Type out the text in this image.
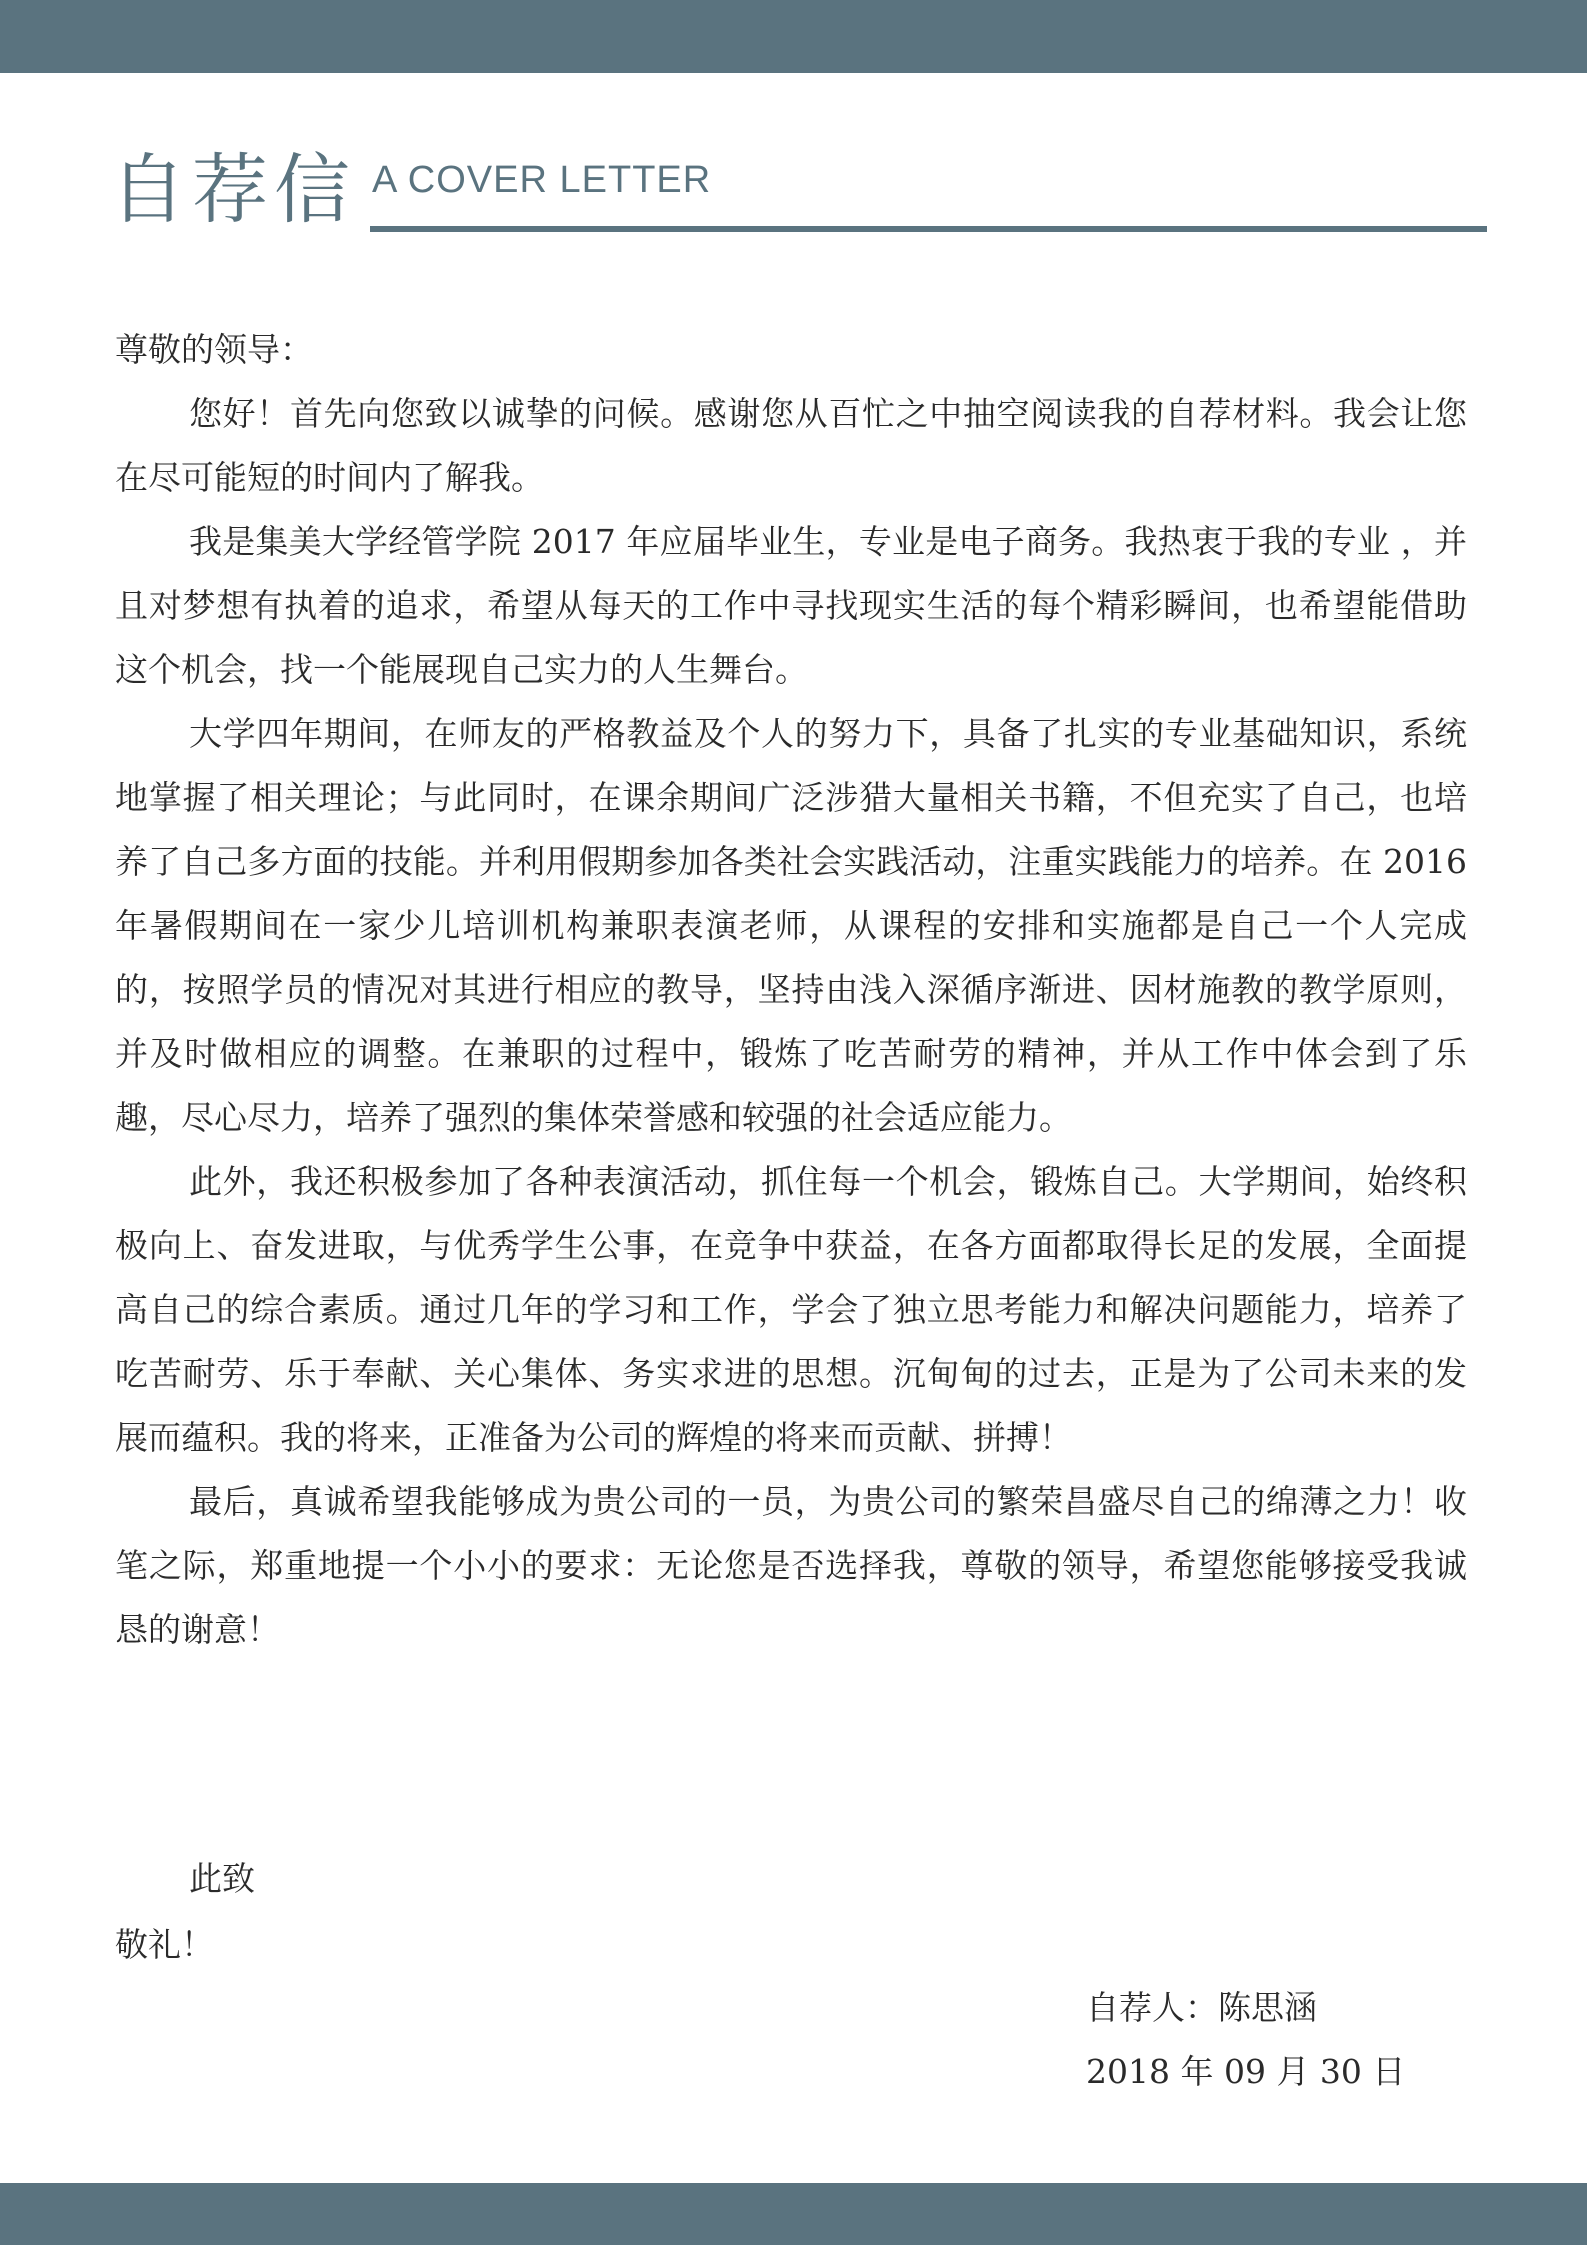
自荐信 A COVER LETTER

尊敬的领导：

您好！首先向您致以诚挚的问候。感谢您从百忙之中抽空阅读我的自荐材料。我会让您在尽可能短的时间内了解我。

我是集美大学经管学院 2017 年应届毕业生，专业是电子商务。我热衷于我的专业 ，并且对梦想有执着的追求，希望从每天的工作中寻找现实生活的每个精彩瞬间，也希望能借助这个机会，找一个能展现自己实力的人生舞台。

大学四年期间，在师友的严格教益及个人的努力下，具备了扎实的专业基础知识，系统地掌握了相关理论；与此同时，在课余期间广泛涉猎大量相关书籍，不但充实了自己，也培养了自己多方面的技能。并利用假期参加各类社会实践活动，注重实践能力的培养。在 2016 年暑假期间在一家少儿培训机构兼职表演老师，从课程的安排和实施都是自己一个人完成的，按照学员的情况对其进行相应的教导，坚持由浅入深循序渐进、因材施教的教学原则，并及时做相应的调整。在兼职的过程中，锻炼了吃苦耐劳的精神，并从工作中体会到了乐趣，尽心尽力，培养了强烈的集体荣誉感和较强的社会适应能力。

此外，我还积极参加了各种表演活动，抓住每一个机会，锻炼自己。大学期间，始终积极向上、奋发进取，与优秀学生公事，在竞争中获益，在各方面都取得长足的发展，全面提高自己的综合素质。通过几年的学习和工作，学会了独立思考能力和解决问题能力，培养了吃苦耐劳、乐于奉献、关心集体、务实求进的思想。沉甸甸的过去，正是为了公司未来的发展而蕴积。我的将来，正准备为公司的辉煌的将来而贡献、拼搏！

最后，真诚希望我能够成为贵公司的一员，为贵公司的繁荣昌盛尽自己的绵薄之力！收笔之际，郑重地提一个小小的要求：无论您是否选择我，尊敬的领导，希望您能够接受我诚恳的谢意！

此致
敬礼！
自荐人：陈思涵
2018 年 09 月 30 日
